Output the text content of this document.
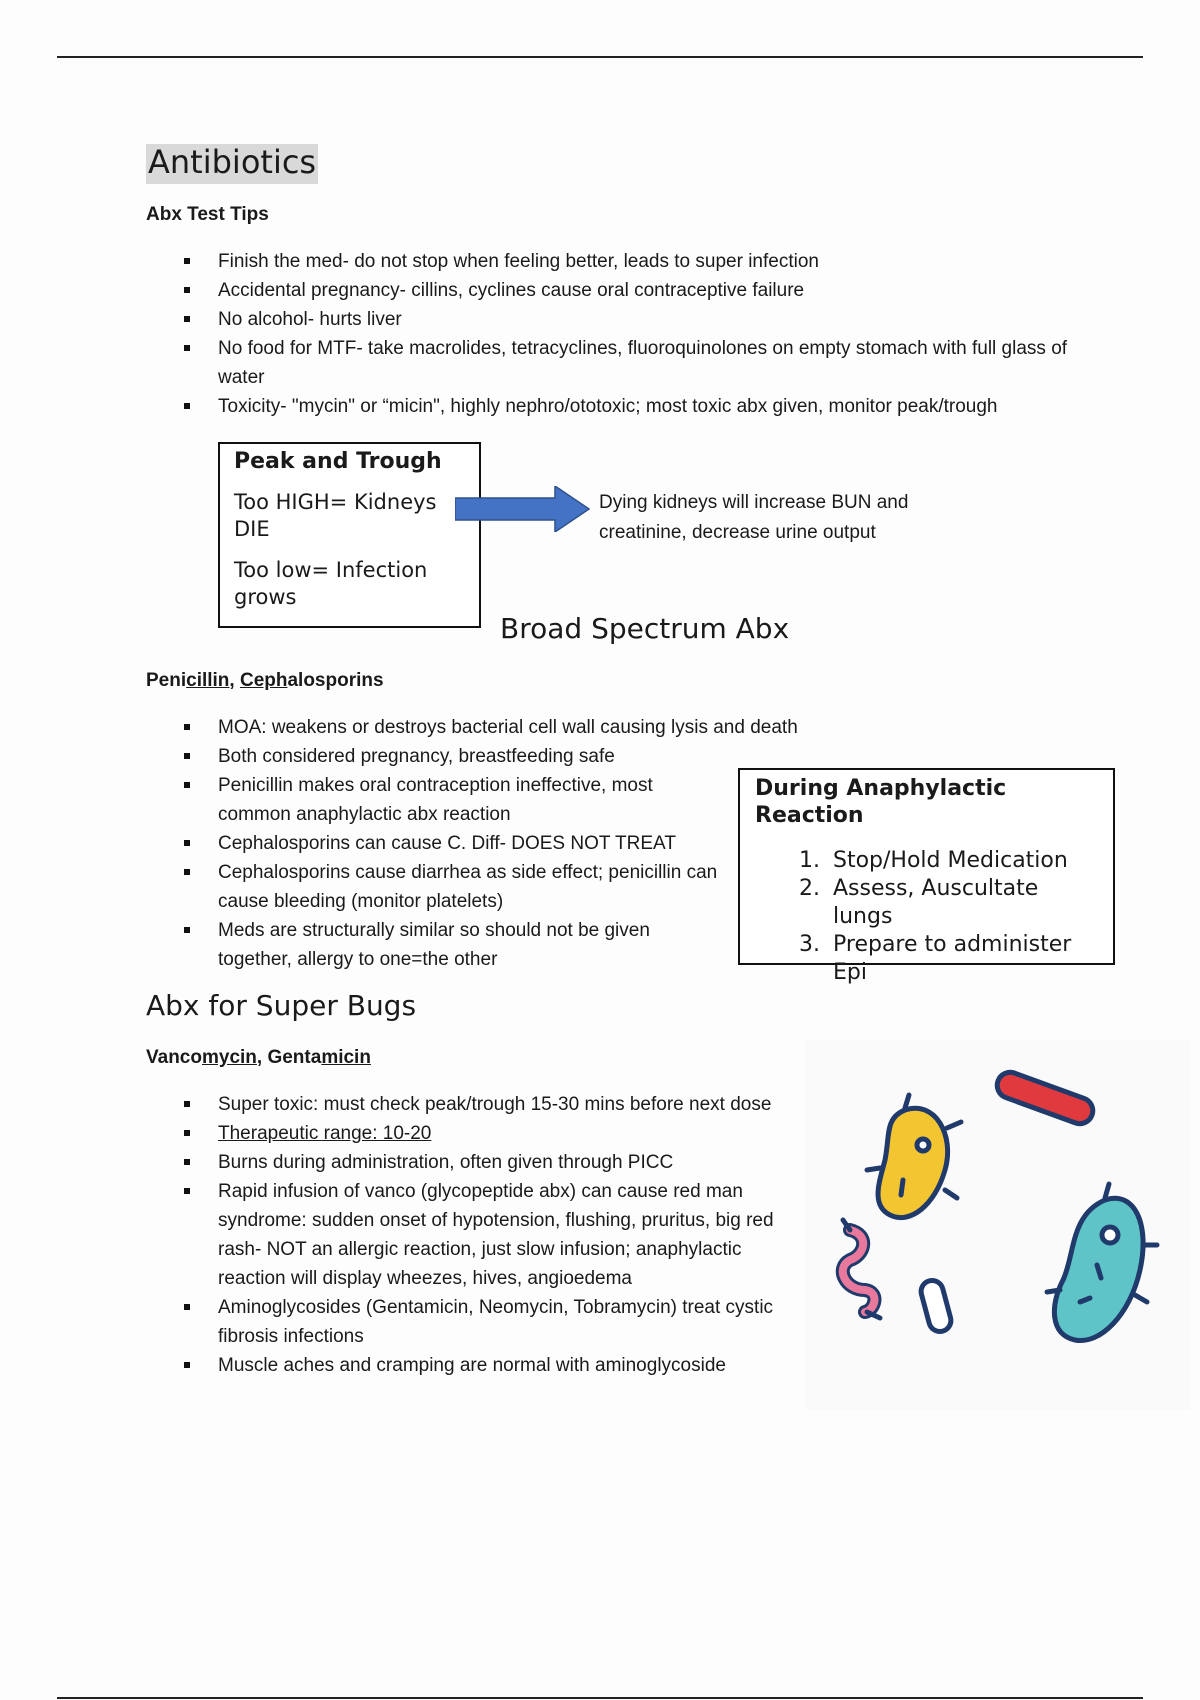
Antibiotics

Abx Test Tips

Finish the med- do not stop when feeling better, leads to super infection
Accidental pregnancy- cillins, cyclines cause oral contraceptive failure
No alcohol- hurts liver
No food for MTF- take macrolides, tetracyclines, fluoroquinolones on empty stomach with full glass of water
Toxicity- "mycin" or “micin", highly nephro/ototoxic; most toxic abx given, monitor peak/trough
Peak and Trough
Too HIGH= Kidneys DIE
Too low= Infection grows
Dying kidneys will increase BUN and creatinine, decrease urine output
Broad Spectrum Abx

Penicillin, Cephalosporins

MOA: weakens or destroys bacterial cell wall causing lysis and death
Both considered pregnancy, breastfeeding safe
Penicillin makes oral contraception ineffective, most common anaphylactic abx reaction
Cephalosporins can cause C. Diff- DOES NOT TREAT
Cephalosporins cause diarrhea as side effect; penicillin can cause bleeding (monitor platelets)
Meds are structurally similar so should not be given together, allergy to one=the other
During Anaphylactic Reaction
1. Stop/Hold Medication
2. Assess, Auscultate lungs
3. Prepare to administer Epi
Abx for Super Bugs

Vancomycin, Gentamicin

Super toxic: must check peak/trough 15-30 mins before next dose
Therapeutic range: 10-20
Burns during administration, often given through PICC
Rapid infusion of vanco (glycopeptide abx) can cause red man syndrome: sudden onset of hypotension, flushing, pruritus, big red rash- NOT an allergic reaction, just slow infusion; anaphylactic reaction will display wheezes, hives, angioedema
Aminoglycosides (Gentamicin, Neomycin, Tobramycin) treat cystic fibrosis infections
Muscle aches and cramping are normal with aminoglycoside
